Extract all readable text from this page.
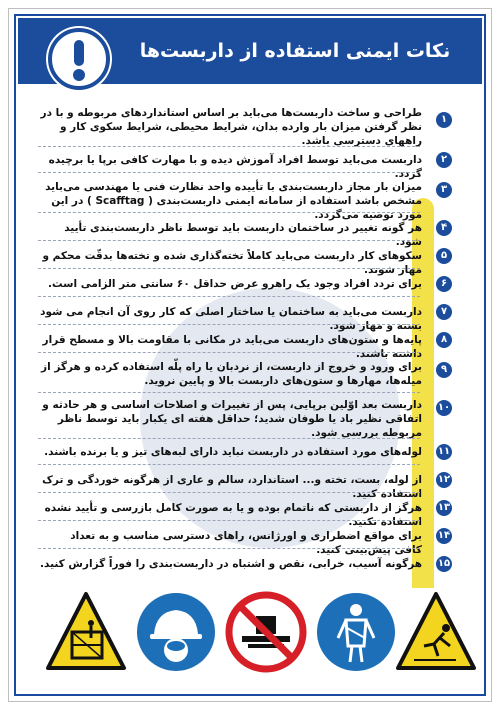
نکات ایمنی استفاده از داربست‌ها
۱
طراحی و ساخت داربست‌ها می‌باید بر اساس استانداردهای مربوطه و با در نظر گرفتن میزان بار وارده بدان، شرایط محیطی، شرایط سکوی کار و راههای دسترسی باشد.
۲
داربست می‌باید توسط افراد آموزش دیده و با مهارت کافی برپا یا برچیده گردد.
۳
میزان بار مجاز داربست‌بندی با تأییده واحد نظارت فنی یا مهندسی می‌باید مشخص باشد استفاده از سامانه ایمنی داربست‌بندی ( Scafftag ) در این مورد توصیه می‌گردد.
۴
هر گونه تغییر در ساختمان داربست باید توسط ناظر داربست‌بندی تأیید شود.
۵
سکوهای کار داربست می‌باید کاملاً تخته‌گذاری شده و تخته‌ها بدقّت محکم و مهار شوند.
۶
برای تردد افراد وجود یک راهرو عرض حداقل ۶۰ سانتی متر الزامی است.
۷
داربست می‌باید به ساختمان یا ساختار اصلی که کار روی آن انجام می شود بسته و مهار شود.
۸
پایه‌ها و ستون‌های داربست می‌باید در مکانی با مقاومت بالا و مسطح قرار داشته باشند.
۹
برای ورود و خروج از داربست، از نردبان یا راه پلّه استفاده کرده و هرگز از میله‌ها، مهارها و ستون‌های داربست بالا و پایین نروید.
۱۰
داربست بعد اوّلین برپایی، پس از تغییرات و اصلاحات اساسی و هر حادثه و اتفاقی نظیر باد یا طوفان شدید؛ حداقل هفته ای یکبار باید توسط ناظر مربوطه بررسی شود.
۱۱
لوله‌های مورد استفاده در داربست نباید دارای لبه‌های تیز و یا برنده باشند.
۱۲
از لوله، بست، تخته و... استاندارد، سالم و عاری از هرگونه خوردگی و ترک استفاده کنید.
۱۳
هرگز از داربستی که ناتمام بوده و یا به صورت کامل بازرسی و تأیید نشده استفاده نکنید.
۱۴
برای مواقع اضطراری و اورژانس، راهای دسترسی مناسب و به تعداد کافی پیش‌بینی کنید.
۱۵
هرگونه آسیب، خرابی، نقص و اشتباه در داربست‌بندی را فوراً گزارش کنید.
